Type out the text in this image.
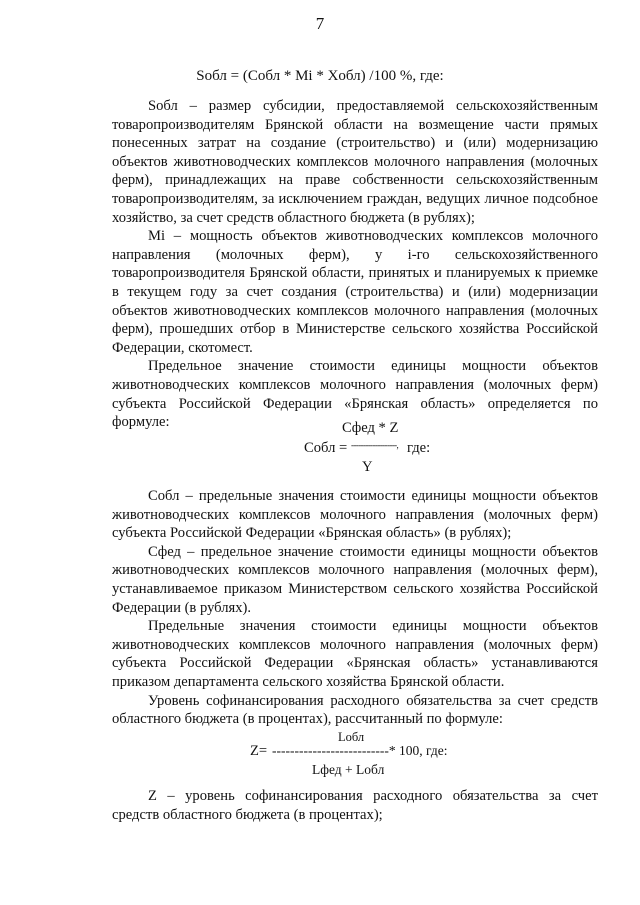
7
Sобл = (Cобл * Mi * Xобл) /100 %, где:

Sобл – размер субсидии, предоставляемой сельскохозяйственным товаропроизводителям Брянской области на возмещение части прямых понесенных затрат на создание (строительство) и (или) модернизацию объектов животноводческих комплексов молочного направления (молочных ферм), принадлежащих на праве собственности сельскохозяйственным товаропроизводителям, за исключением граждан, ведущих личное подсобное хозяйство, за счет средств областного бюджета (в рублях);

Mi – мощность объектов животноводческих комплексов молочного направления (молочных ферм), у i-го сельскохозяйственного товаропроизводителя Брянской области, принятых и планируемых к приемке в текущем году за счет создания (строительства) и (или) модернизации объектов животноводческих комплексов молочного направления (молочных ферм), прошедших отбор в Министерстве сельского хозяйства Российской Федерации, скотомест.

Предельное значение стоимости единицы мощности объектов животноводческих комплексов молочного направления (молочных ферм) субъекта Российской Федерации «Брянская область» определяется по формуле:	Cфед * Z
Cобл = -------------------, где:
Y

Cобл – предельные значения стоимости единицы мощности объектов животноводческих комплексов молочного направления (молочных ферм) субъекта Российской Федерации «Брянская область» (в рублях);

Cфед – предельное значение стоимости единицы мощности объектов животноводческих комплексов молочного направления (молочных ферм), устанавливаемое приказом Министерством сельского хозяйства Российской Федерации (в рублях).

Предельные значения стоимости единицы мощности объектов животноводческих комплексов молочного направления (молочных ферм) субъекта Российской Федерации «Брянская область» устанавливаются приказом департамента сельского хозяйства Брянской области.

Уровень софинансирования расходного обязательства за счет средств областного бюджета (в процентах), рассчитанный по формуле:

Lобл
Z= --------------------------* 100, где:
Lфед + Lобл

Z – уровень софинансирования расходного обязательства за счет средств областного бюджета (в процентах);
